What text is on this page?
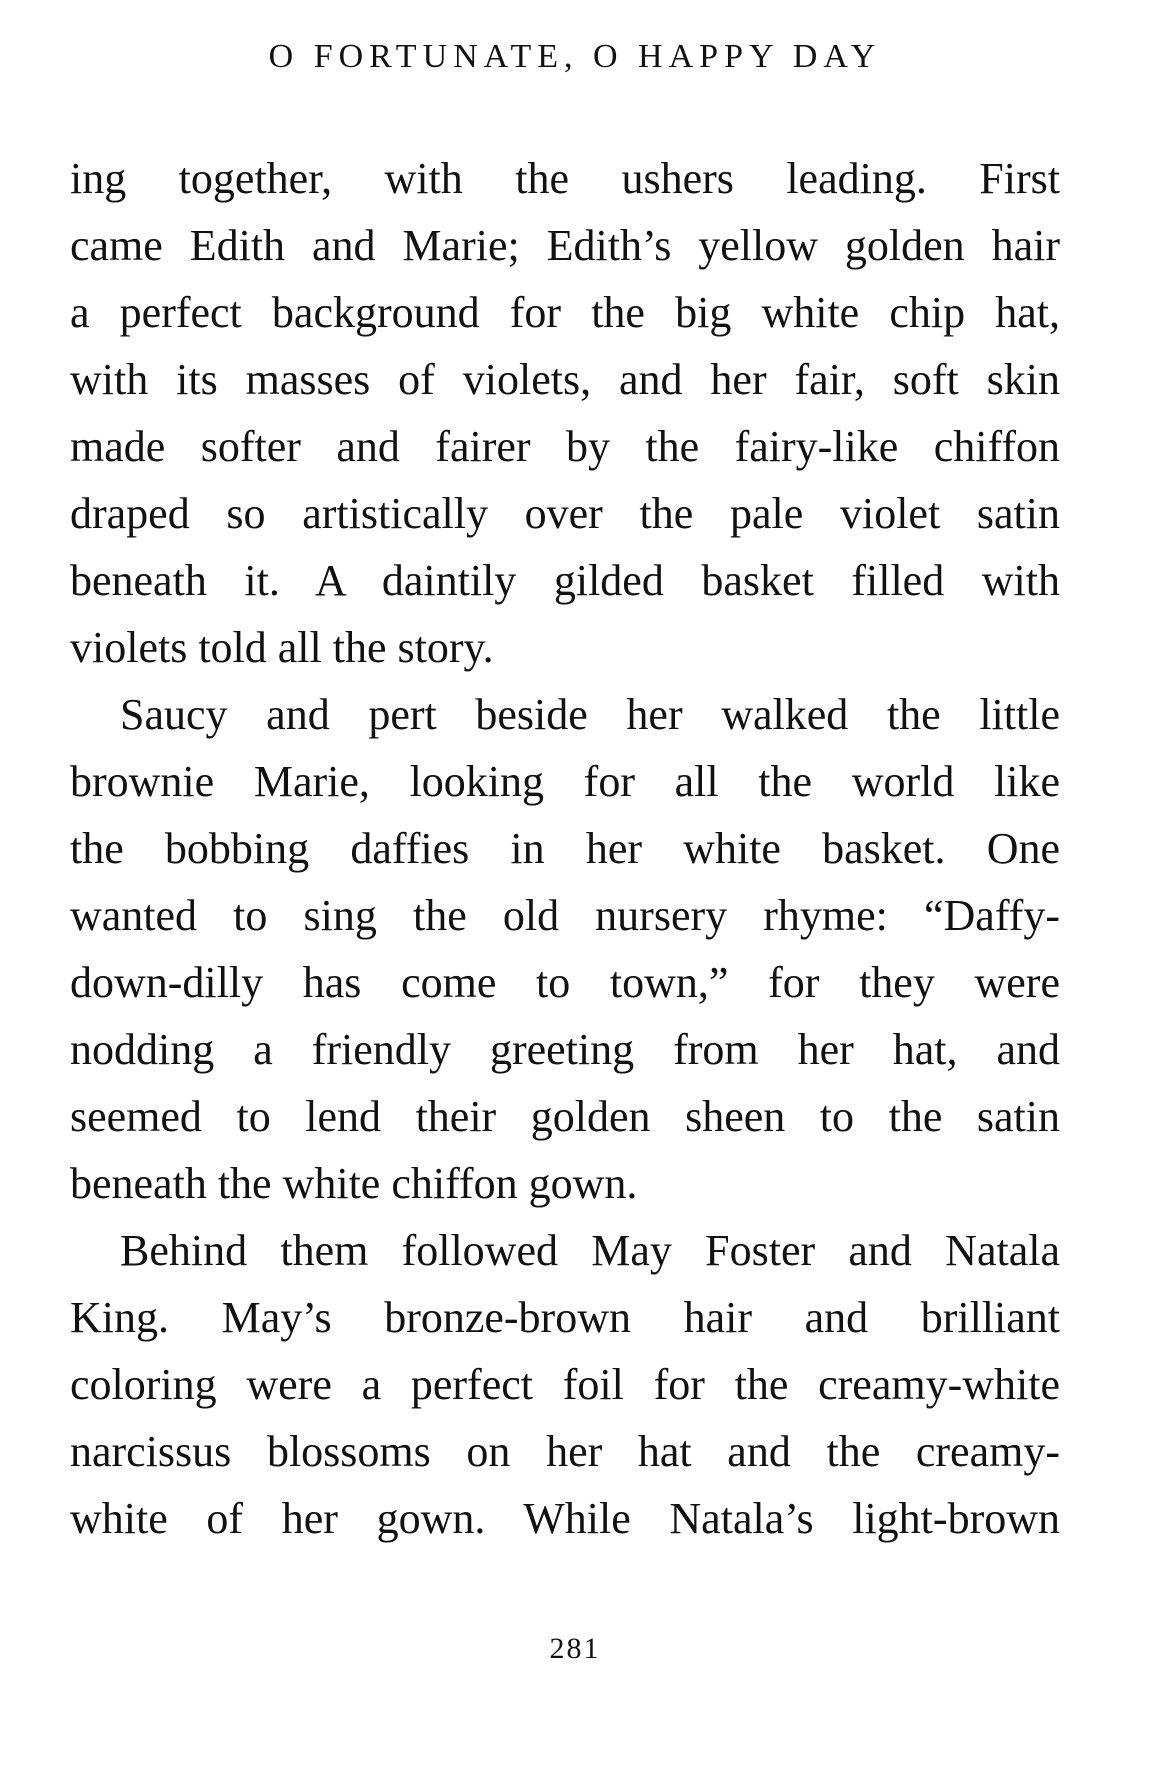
O FORTUNATE, O HAPPY DAY
ing together, with the ushers leading. First
came Edith and Marie; Edith’s yellow golden hair
a perfect background for the big white chip hat,
with its masses of violets, and her fair, soft skin
made softer and fairer by the fairy-like chiffon
draped so artistically over the pale violet satin
beneath it. A daintily gilded basket filled with
violets told all the story.
Saucy and pert beside her walked the little
brownie Marie, looking for all the world like
the bobbing daffies in her white basket. One
wanted to sing the old nursery rhyme: “Daffy-
down-dilly has come to town,” for they were
nodding a friendly greeting from her hat, and
seemed to lend their golden sheen to the satin
beneath the white chiffon gown.
Behind them followed May Foster and Natala
King. May’s bronze-brown hair and brilliant
coloring were a perfect foil for the creamy-white
narcissus blossoms on her hat and the creamy-
white of her gown. While Natala’s light-brown
281
